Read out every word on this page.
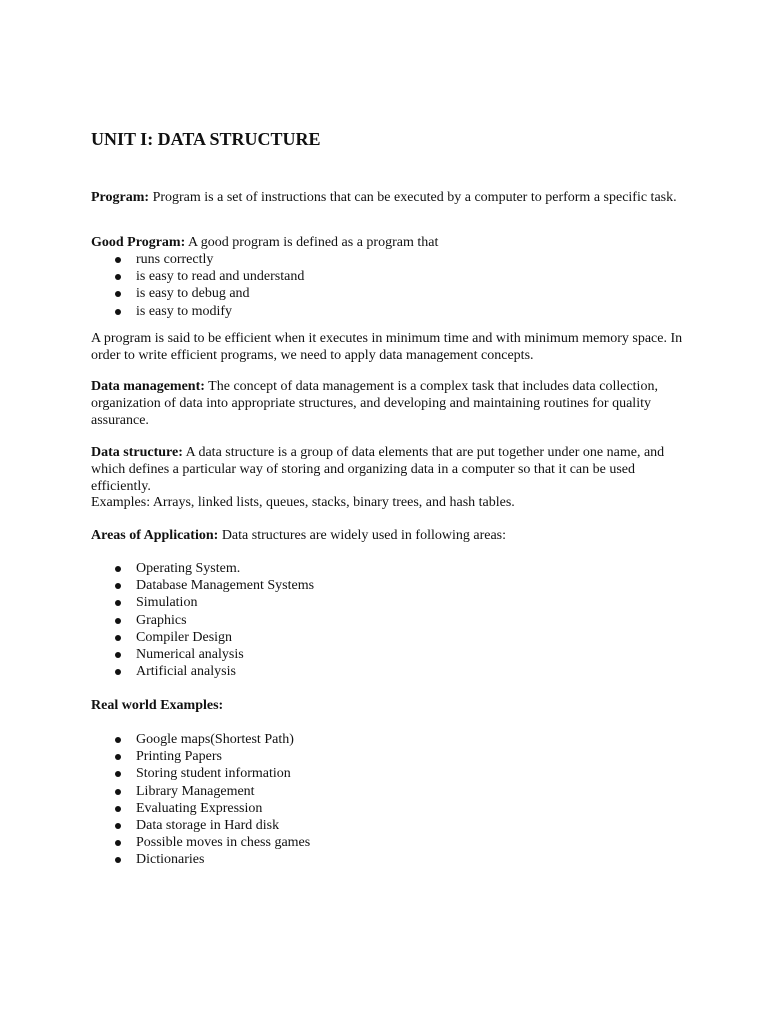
UNIT I: DATA STRUCTURE

Program: Program is a set of instructions that can be executed by a computer to perform a specific task.

Good Program: A good program is defined as a program that

runs correctly
is easy to read and understand
is easy to debug and
is easy to modify

A program is said to be efficient when it executes in minimum time and with minimum memory space. In order to write efficient programs, we need to apply data management concepts.

Data management: The concept of data management is a complex task that includes data collection, organization of data into appropriate structures, and developing and maintaining routines for quality assurance.

Data structure: A data structure is a group of data elements that are put together under one name, and which defines a particular way of storing and organizing data in a computer so that it can be used efficiently.

Examples: Arrays, linked lists, queues, stacks, binary trees, and hash tables.

Areas of Application: Data structures are widely used in following areas:

Operating System.
Database Management Systems
Simulation
Graphics
Compiler Design
Numerical analysis
Artificial analysis

Real world Examples:

Google maps(Shortest Path)
Printing Papers
Storing student information
Library Management
Evaluating Expression
Data storage in Hard disk
Possible moves in chess games
Dictionaries
